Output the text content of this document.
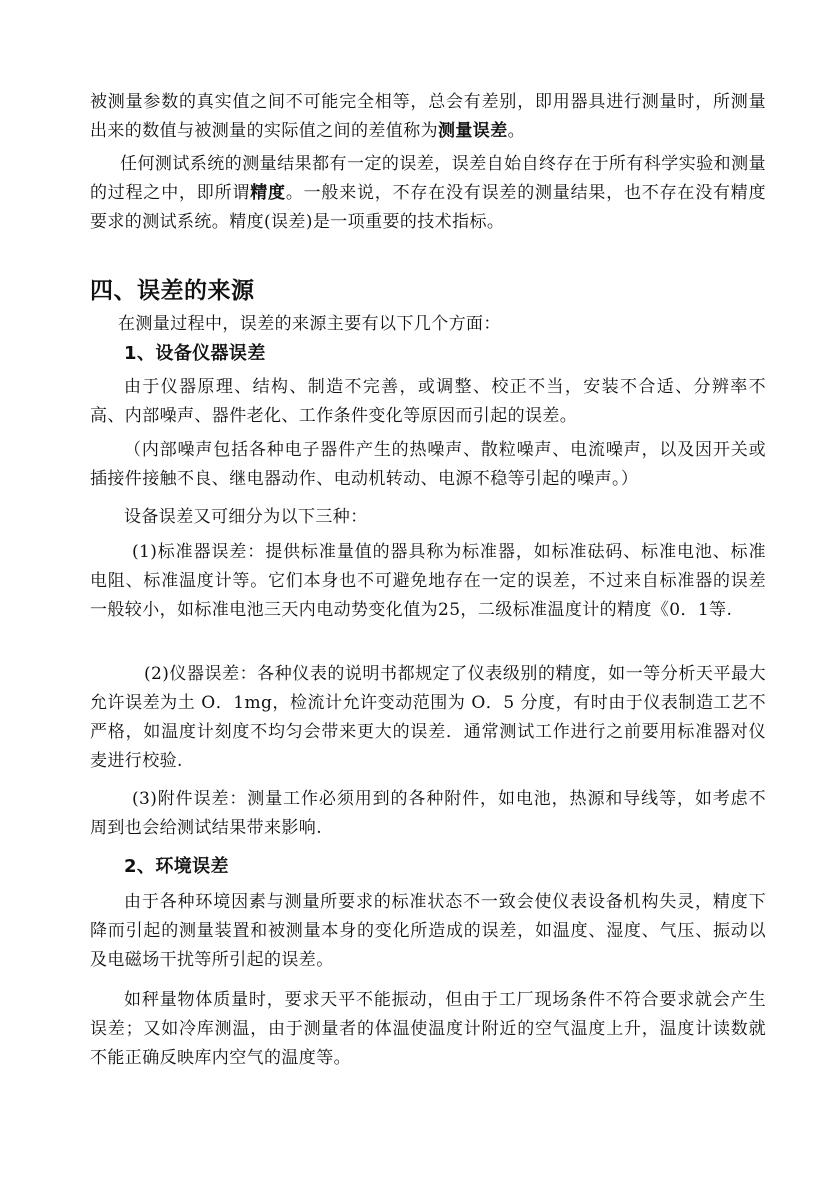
被测量参数的真实值之间不可能完全相等，总会有差别，即用器具进行测量时，所测量出来的数值与被测量的实际值之间的差值称为测量误差。

任何测试系统的测量结果都有一定的误差，误差自始自终存在于所有科学实验和测量的过程之中，即所谓精度。一般来说，不存在没有误差的测量结果，也不存在没有精度要求的测试系统。精度(误差)是一项重要的技术指标。

四、误差的来源

在测量过程中，误差的来源主要有以下几个方面：

1、设备仪器误差

由于仪器原理、结构、制造不完善，或调整、校正不当，安装不合适、分辨率不高、内部噪声、器件老化、工作条件变化等原因而引起的误差。

（内部噪声包括各种电子器件产生的热噪声、散粒噪声、电流噪声，以及因开关或插接件接触不良、继电器动作、电动机转动、电源不稳等引起的噪声。）

设备误差又可细分为以下三种：

(1)标准器误差：提供标准量值的器具称为标准器，如标准砝码、标准电池、标准电阻、标准温度计等。它们本身也不可避免地存在一定的误差，不过来自标准器的误差一般较小，如标准电池三天内电动势变化值为25，二级标准温度计的精度《0．1等.

(2)仪器误差：各种仪表的说明书都规定了仪表级别的精度，如一等分析天平最大允许误差为土 O．1mg，检流计允许变动范围为 O．5 分度，有时由于仪表制造工艺不严格，如温度计刻度不均匀会带来更大的误差．通常测试工作进行之前要用标准器对仪麦进行校验.

(3)附件误差：测量工作必须用到的各种附件，如电池，热源和导线等，如考虑不周到也会给测试结果带来影响.

2、环境误差

由于各种环境因素与测量所要求的标准状态不一致会使仪表设备机构失灵，精度下降而引起的测量装置和被测量本身的变化所造成的误差，如温度、湿度、气压、振动以及电磁场干扰等所引起的误差。

如秤量物体质量时，要求天平不能振动，但由于工厂现场条件不符合要求就会产生误差；又如冷库测温，由于测量者的体温使温度计附近的空气温度上升，温度计读数就不能正确反映库内空气的温度等。
